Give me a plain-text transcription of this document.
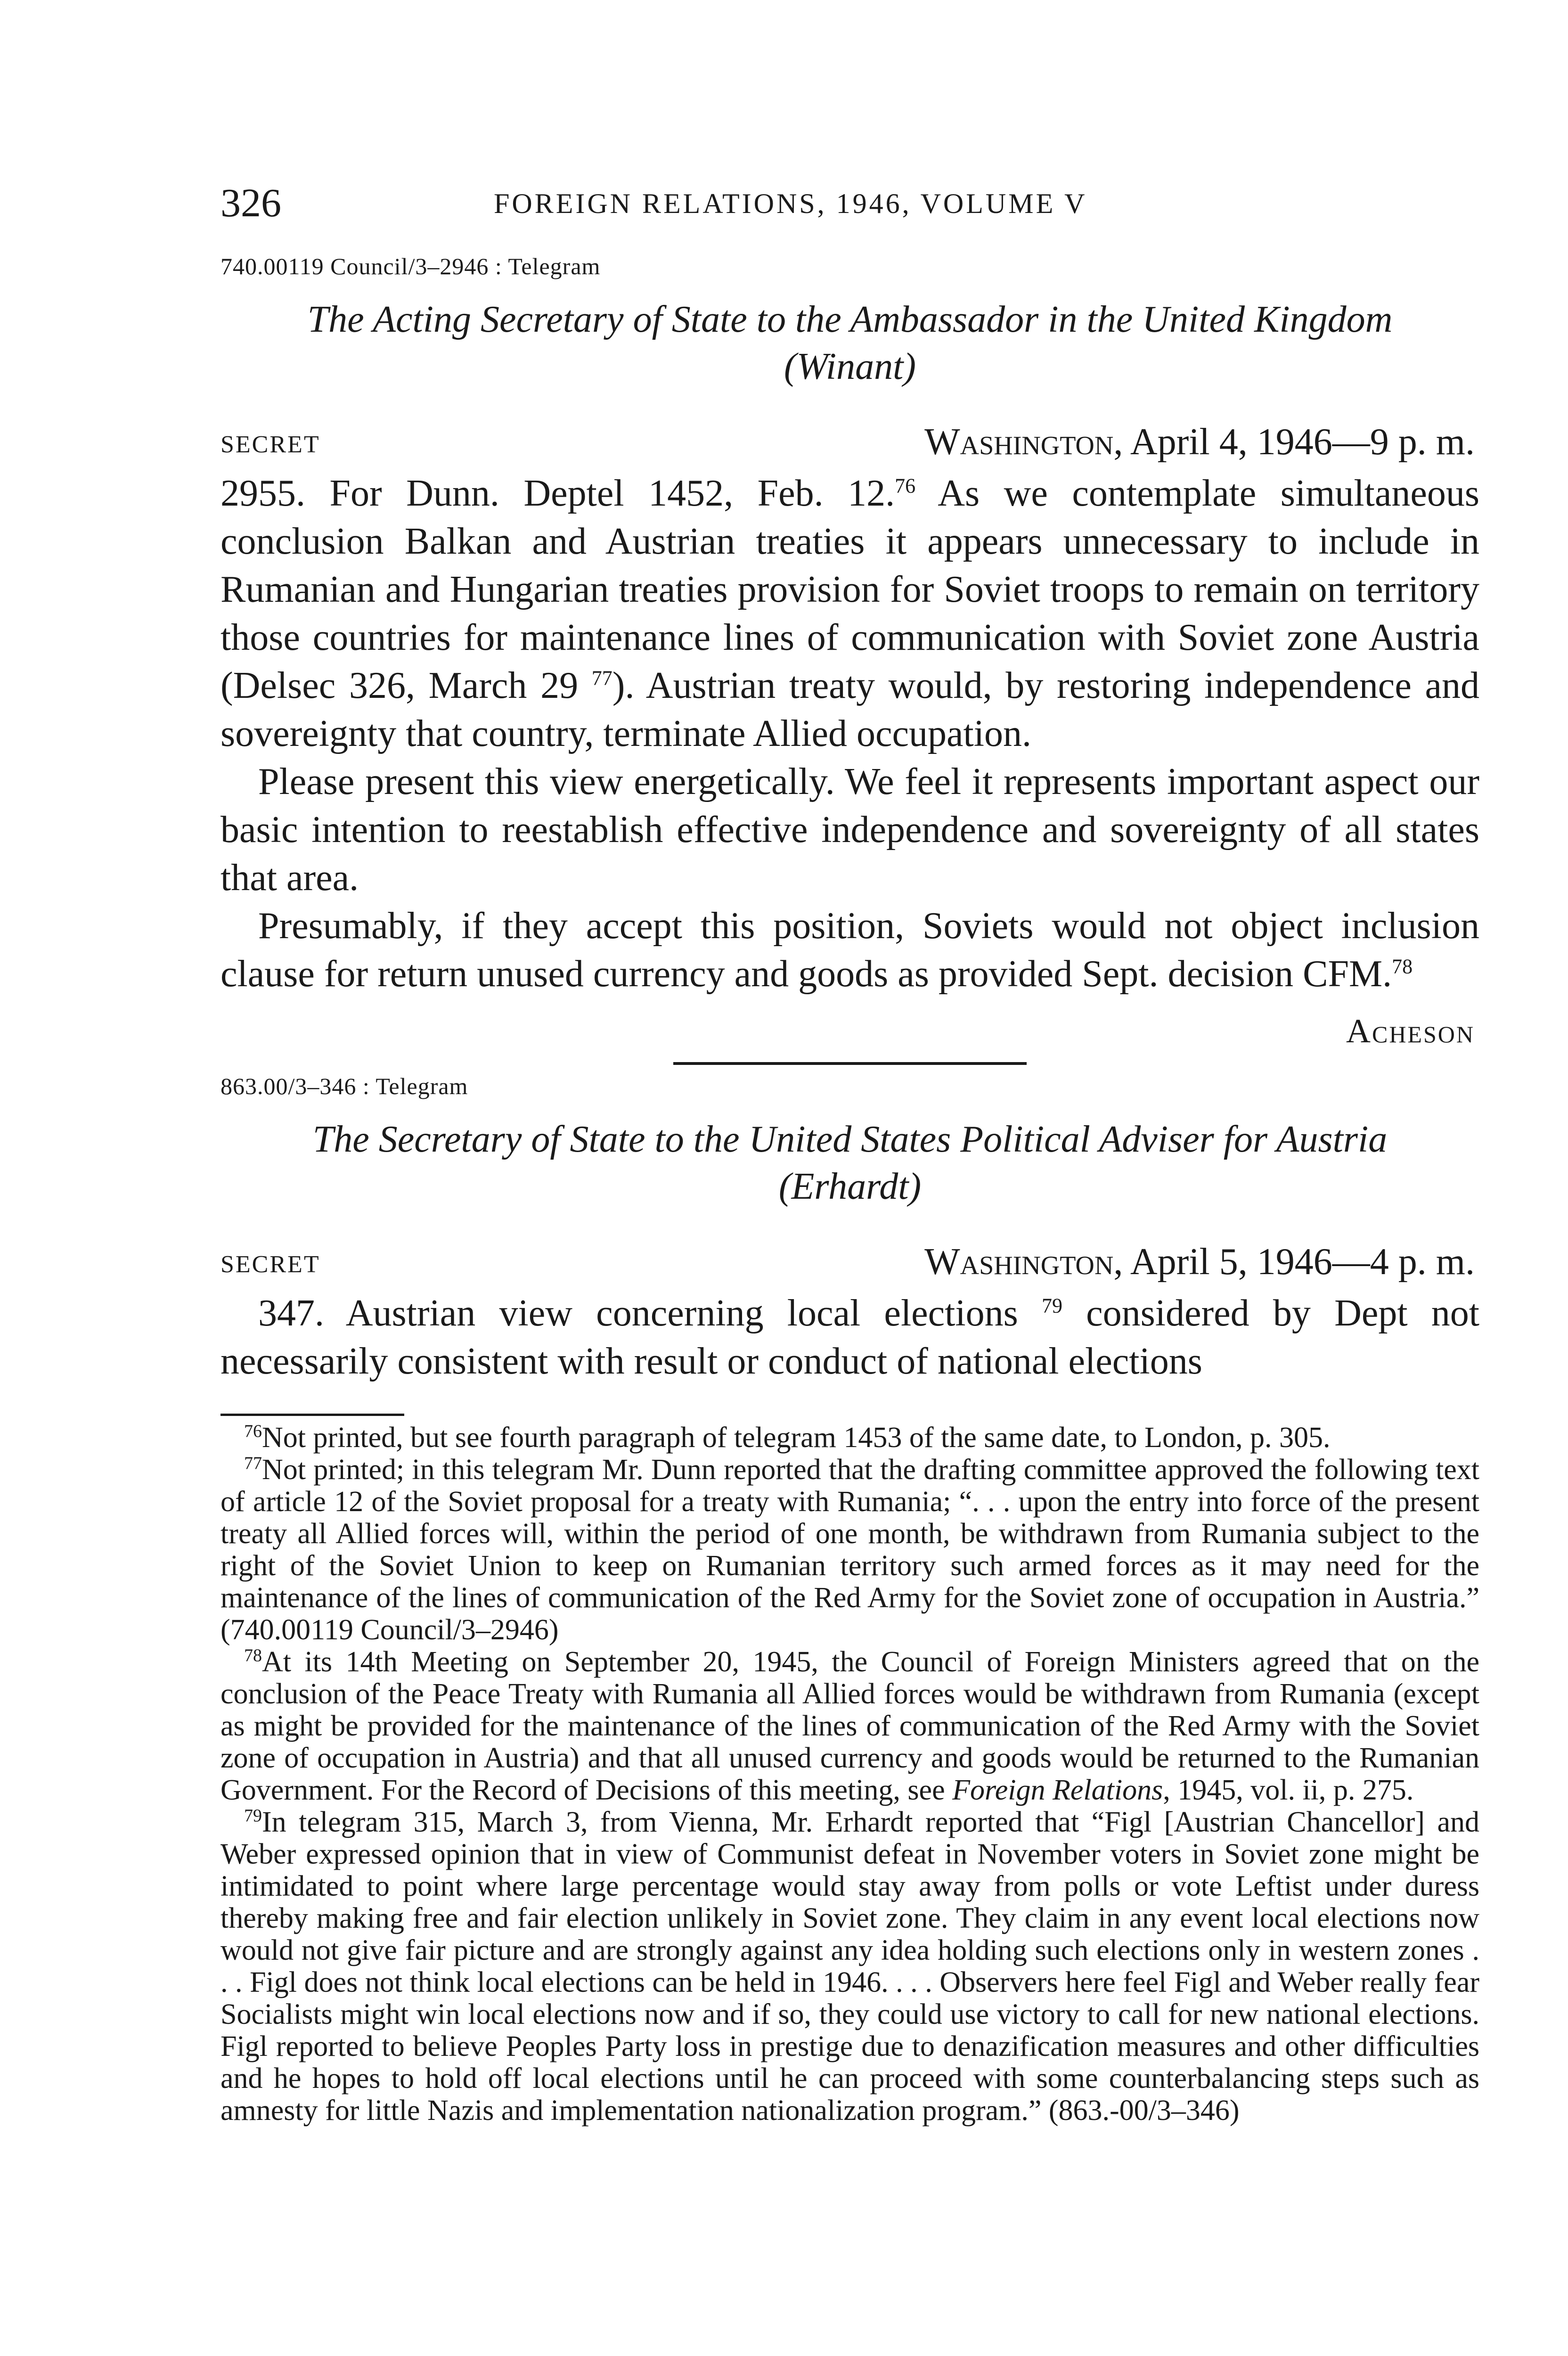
326	FOREIGN RELATIONS, 1946, VOLUME V
740.00119 Council/3–2946 : Telegram
The Acting Secretary of State to the Ambassador in the United Kingdom (Winant)
SECRET	Washington, April 4, 1946—9 p. m.

2955. For Dunn. Deptel 1452, Feb. 12.76 As we contemplate simultaneous conclusion Balkan and Austrian treaties it appears unnecessary to include in Rumanian and Hungarian treaties provision for Soviet troops to remain on territory those countries for maintenance lines of communication with Soviet zone Austria (Delsec 326, March 29 $^{77}$). Austrian treaty would, by restoring independence and sovereignty that country, terminate Allied occupation.

Please present this view energetically. We feel it represents important aspect our basic intention to reestablish effective independence and sovereignty of all states that area.

Presumably, if they accept this position, Soviets would not object inclusion clause for return unused currency and goods as provided Sept. decision CFM.$^{78}$

Acheson
863.00/3–346 : Telegram
The Secretary of State to the United States Political Adviser for Austria (Erhardt)
SECRET	Washington, April 5, 1946—4 p. m.

347. Austrian view concerning local elections $^{79}$ considered by Dept not necessarily consistent with result or conduct of national elections

$^{76}$Not printed, but see fourth paragraph of telegram 1453 of the same date, to London, p. 305.

$^{77}$Not printed; in this telegram Mr. Dunn reported that the drafting committee approved the following text of article 12 of the Soviet proposal for a treaty with Rumania; “. . . upon the entry into force of the present treaty all Allied forces will, within the period of one month, be withdrawn from Rumania subject to the right of the Soviet Union to keep on Rumanian territory such armed forces as it may need for the maintenance of the lines of communication of the Red Army for the Soviet zone of occupation in Austria.” (740.00119 Council/3–2946)

$^{78}$At its 14th Meeting on September 20, 1945, the Council of Foreign Ministers agreed that on the conclusion of the Peace Treaty with Rumania all Allied forces would be withdrawn from Rumania (except as might be provided for the maintenance of the lines of communication of the Red Army with the Soviet zone of occupation in Austria) and that all unused currency and goods would be returned to the Rumanian Government. For the Record of Decisions of this meeting, see Foreign Relations, 1945, vol. ii, p. 275.

$^{79}$In telegram 315, March 3, from Vienna, Mr. Erhardt reported that “Figl [Austrian Chancellor] and Weber expressed opinion that in view of Communist defeat in November voters in Soviet zone might be intimidated to point where large percentage would stay away from polls or vote Leftist under duress thereby making free and fair election unlikely in Soviet zone. They claim in any event local elections now would not give fair picture and are strongly against any idea holding such elections only in western zones . . . Figl does not think local elections can be held in 1946. . . . Observers here feel Figl and Weber really fear Socialists might win local elections now and if so, they could use victory to call for new national elections. Figl reported to believe Peoples Party loss in prestige due to denazification measures and other difficulties and he hopes to hold off local elections until he can proceed with some counterbalancing steps such as amnesty for little Nazis and implementation nationalization program.” (863.-00/3–346)
